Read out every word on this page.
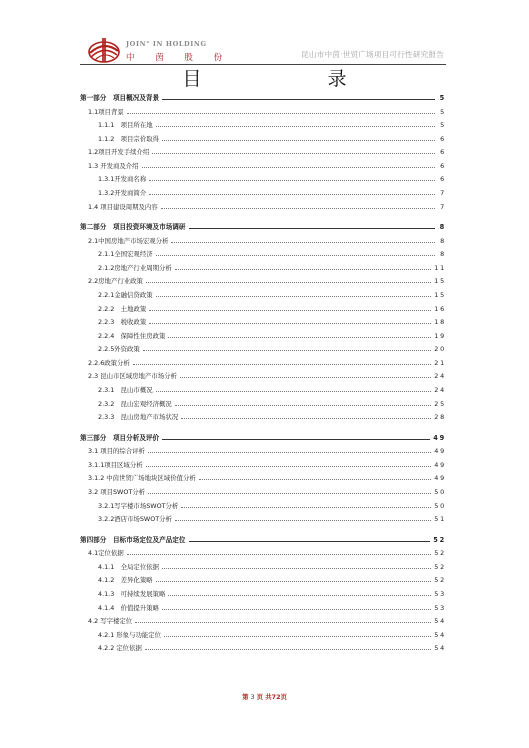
JOIN° IN HOLDING
中 茵 股 份	昆山市中茵·世贸广场项目可行性研究报告
目 录
第一部分　项目概况及背景	5
1.1项目背景	5
1.1.1　项目所在地	5
1.1.2　项目宗价取得	6
1.2项目开发手续介绍	6
1.3 开发商及介绍	6
1.3.1开发商名称	6
1.3.2开发商简介	7
1.4 项目建设周期及内容	7
第二部分　项目投资环境及市场调研	8
2.1中国房地产市场宏观分析	8
2.1.1全国宏观经济	8
2.1.2房地产行业周期分析	11
2.2房地产行业政策	15
2.2.1金融信贷政策	15
2.2.2　土地政策	16
2.2.3　税收政策	18
2.2.4　保障性住房政策	19
2.2.5外资政策	20
2.2.6政策分析	21
2.3 昆山市区域房地产市场分析	24
2.3.1　昆山市概况	24
2.3.2　昆山宏观经济概况	25
2.3.3　昆山房地产市场状况	28
第三部分　项目分析及评价	49
3.1 项目的综合评析	49
3.1.1项目区域分析	49
3.1.2 中茵世贸广场地块区域价值分析	49
3.2 项目SWOT分析	50
3.2.1写字楼市场SWOT分析	50
3.2.2酒店市场SWOT分析	51
第四部分　目标市场定位及产品定位	52
4.1定位依据	52
4.1.1　全局定位依据	52
4.1.2　差异化策略	52
4.1.3　可持续发展策略	53
4.1.4　价值提升策略	53
4.2 写字楼定位	54
4.2.1 形象与功能定位	54
4.2.2 定位依据	54
第 3 页 共72页
